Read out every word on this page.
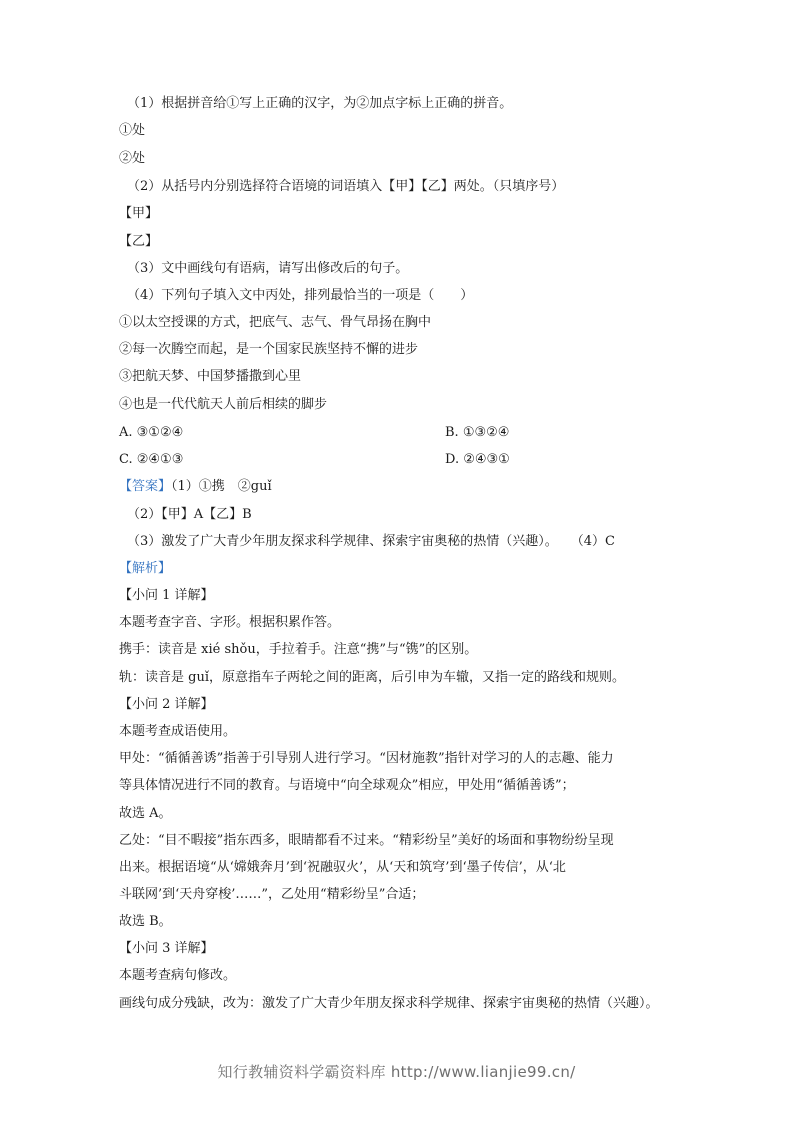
（1）根据拼音给①写上正确的汉字，为②加点字标上正确的拼音。
①处
②处
（2）从括号内分别选择符合语境的词语填入【甲】【乙】两处。（只填序号）
【甲】
【乙】
（3）文中画线句有语病，请写出修改后的句子。
（4）下列句子填入文中丙处，排列最恰当的一项是（　　）
①以太空授课的方式，把底气、志气、骨气昂扬在胸中
②每一次腾空而起，是一个国家民族坚持不懈的进步
③把航天梦、中国梦播撒到心里
④也是一代代航天人前后相续的脚步
A. ③①②④	B. ①③②④
C. ②④①③	D. ②④③①
【答案】（1）①携　②guǐ
（2）【甲】A【乙】B
（3）激发了广大青少年朋友探求科学规律、探索宇宙奥秘的热情（兴趣）。　　（4）C
【解析】
【小问 1 详解】
本题考查字音、字形。根据积累作答。
携手：读音是 xié shǒu，手拉着手。注意“携”与“镌”的区别。
轨：读音是 guǐ，原意指车子两轮之间的距离，后引申为车辙，又指一定的路线和规则。
【小问 2 详解】
本题考查成语使用。
甲处：“循循善诱”指善于引导别人进行学习。“因材施教”指针对学习的人的志趣、能力
等具体情况进行不同的教育。与语境中“向全球观众”相应，甲处用“循循善诱”；
故选 A。
乙处：“目不暇接”指东西多，眼睛都看不过来。“精彩纷呈”美好的场面和事物纷纷呈现
出来。根据语境“从‘嫦娥奔月’到‘祝融驭火’，从‘天和筑穹’到‘墨子传信’，从‘北
斗联网’到‘天舟穿梭’……”，乙处用“精彩纷呈”合适；
故选 B。
【小问 3 详解】
本题考查病句修改。
画线句成分残缺，改为：激发了广大青少年朋友探求科学规律、探索宇宙奥秘的热情（兴趣）。
知行教辅资料学霸资料库 http://www.lianjie99.cn/
